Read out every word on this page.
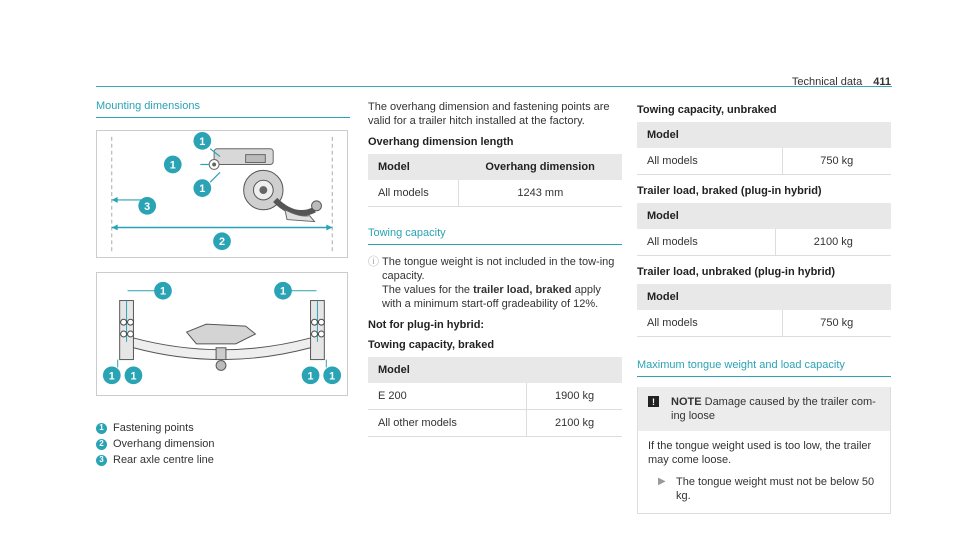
Technical data 411
Mounting dimensions
1
1
1
3
2
1	1
1 1	1 1
1 Fastening points
2 Overhang dimension
3 Rear axle centre line

The overhang dimension and fastening points are valid for a trailer hitch installed at the factory.

Overhang dimension length
Model	Overhang dimension
All models	1243 mm
Towing capacity
ⓘ The tongue weight is not included in the tow-ing capacity.

The values for the trailer load, braked apply with a minimum start-off gradeability of 12%.

Not for plug-in hybrid:
Towing capacity, braked
Model	
E 200	1900 kg
All other models	2100 kg
Towing capacity, unbraked
Model
All models	750 kg
Trailer load, braked (plug-in hybrid)
Model
All models	2100 kg
Trailer load, unbraked (plug-in hybrid)
Model
All models	750 kg
Maximum tongue weight and load capacity
!	NOTE Damage caused by the trailer com-ing loose

If the tongue weight used is too low, the trailer may come loose.

▶ The tongue weight must not be below 50 kg.
